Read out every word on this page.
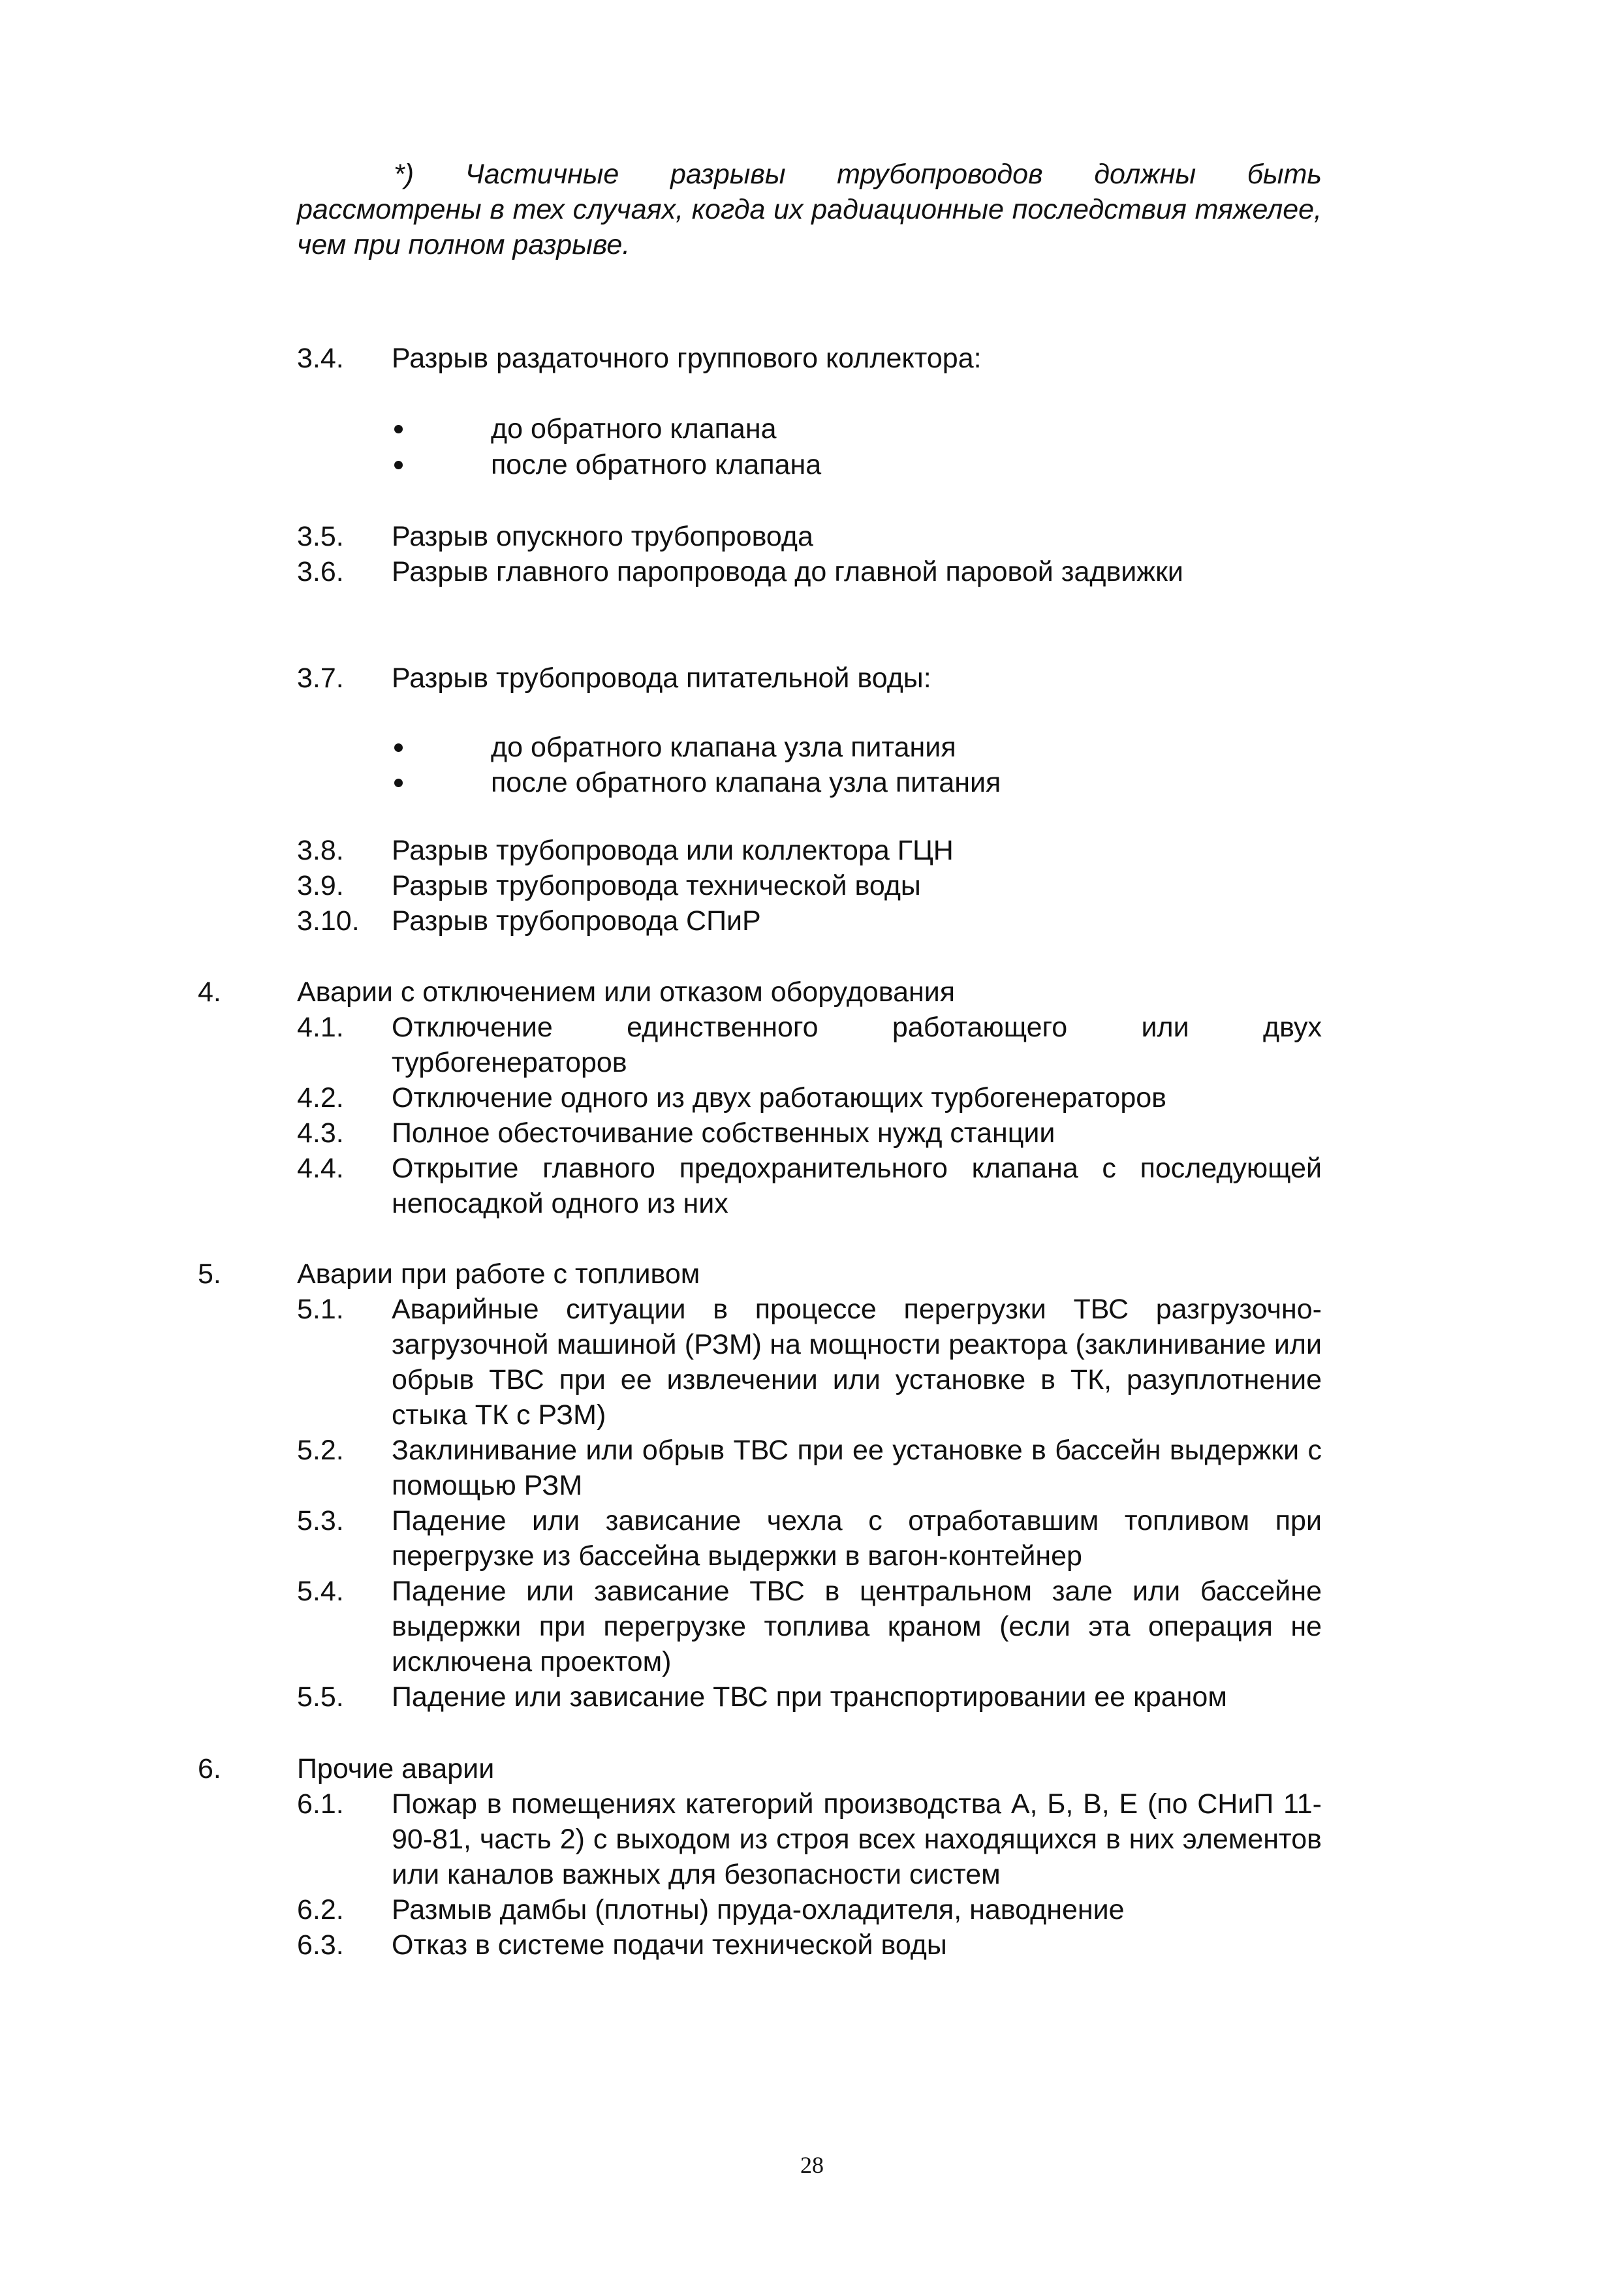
*) Частичные разрывы трубопроводов должны быть
рассмотрены в тех случаях, когда их радиационные последствия тяжелее, чем при полном разрыве.
3.4. Разрыв раздаточного группового коллектора:
до обратного клапана
после обратного клапана
3.5. Разрыв опускного трубопровода
3.6. Разрыв главного паропровода до главной паровой задвижки
3.7. Разрыв трубопровода питательной воды:
до обратного клапана узла питания
после обратного клапана узла питания
3.8. Разрыв трубопровода или коллектора ГЦН
3.9. Разрыв трубопровода технической воды
3.10. Разрыв трубопровода СПиР
4.	Аварии с отключением или отказом оборудования
4.1. Отключение единственного работающего или двух
турбогенераторов
4.2. Отключение одного из двух работающих турбогенераторов
4.3. Полное обесточивание собственных нужд станции
4.4. Открытие главного предохранительного клапана с последующей непосадкой одного из них
5.	Аварии при работе с топливом
5.1. Аварийные ситуации в процессе перегрузки ТВС разгрузочно-загрузочной машиной (РЗМ) на мощности реактора (заклинивание или обрыв ТВС при ее извлечении или установке в ТК, разуплотнение стыка ТК с РЗМ)
5.2. Заклинивание или обрыв ТВС при ее установке в бассейн выдержки с помощью РЗМ
5.3. Падение или зависание чехла с отработавшим топливом при перегрузке из бассейна выдержки в вагон-контейнер
5.4. Падение или зависание ТВС в центральном зале или бассейне выдержки при перегрузке топлива краном (если эта операция не исключена проектом)
5.5. Падение или зависание ТВС при транспортировании ее краном
6.	Прочие аварии
6.1. Пожар в помещениях категорий производства А, Б, В, Е (по СНиП 11-90-81, часть 2) с выходом из строя всех находящихся в них элементов или каналов важных для безопасности систем
6.2. Размыв дамбы (плотны) пруда-охладителя, наводнение
6.3. Отказ в системе подачи технической воды
28
